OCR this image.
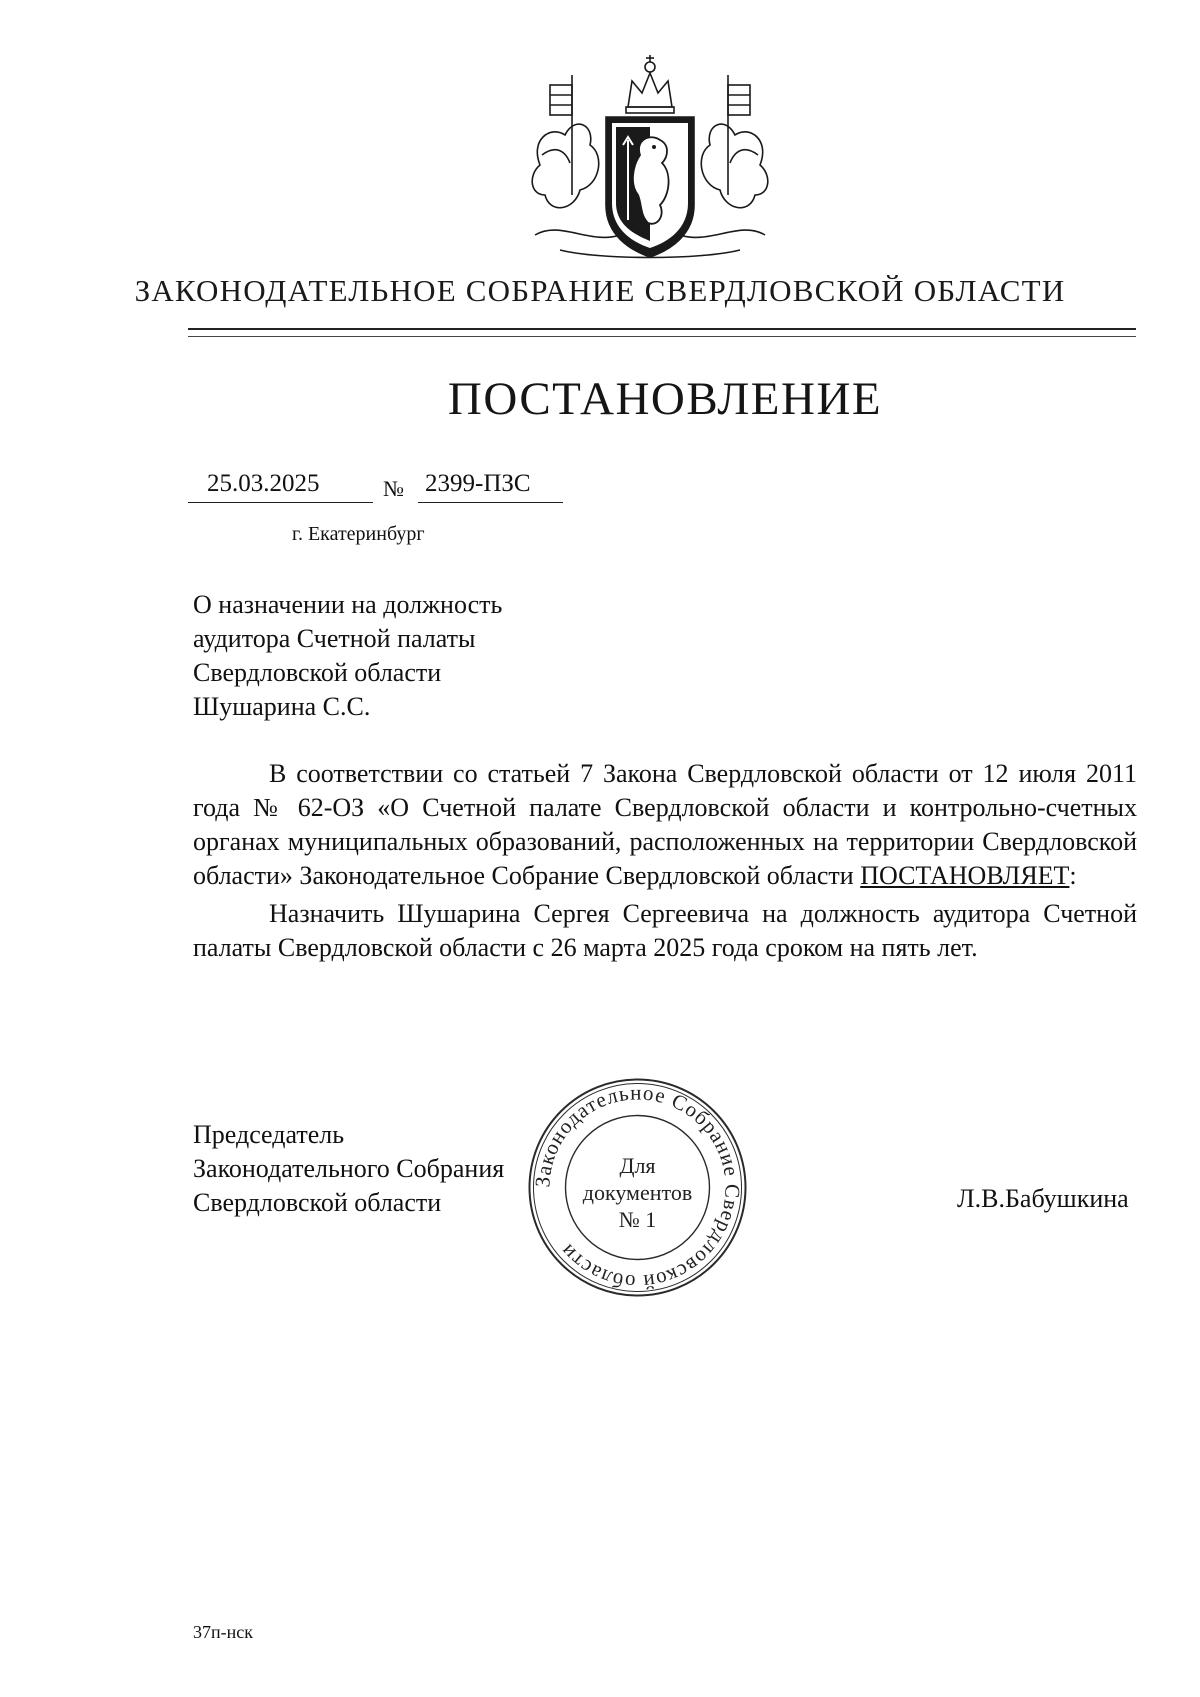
ЗАКОНОДАТЕЛЬНОЕ СОБРАНИЕ СВЕРДЛОВСКОЙ ОБЛАСТИ
ПОСТАНОВЛЕНИЕ
25.03.2025	№ 2399-ПЗС
г. Екатеринбург
О назначении на должность
аудитора Счетной палаты
Свердловской области
Шушарина С.С.

В соответствии со статьей 7 Закона Свердловской области от 12 июля 2011 года № 62-ОЗ «О Счетной палате Свердловской области и контрольно-счетных органах муниципальных образований, расположенных на территории Свердловской области» Законодательное Собрание Свердловской области ПОСТАНОВЛЯЕТ:

Назначить Шушарина Сергея Сергеевича на должность аудитора Счетной палаты Свердловской области с 26 марта 2025 года сроком на пять лет.

Председатель
Законодательного Собрания
Свердловской области
Законодательное Собрание Свердловской области
Для
документов
№ 1
Л.В.Бабушкина
37п-нск
